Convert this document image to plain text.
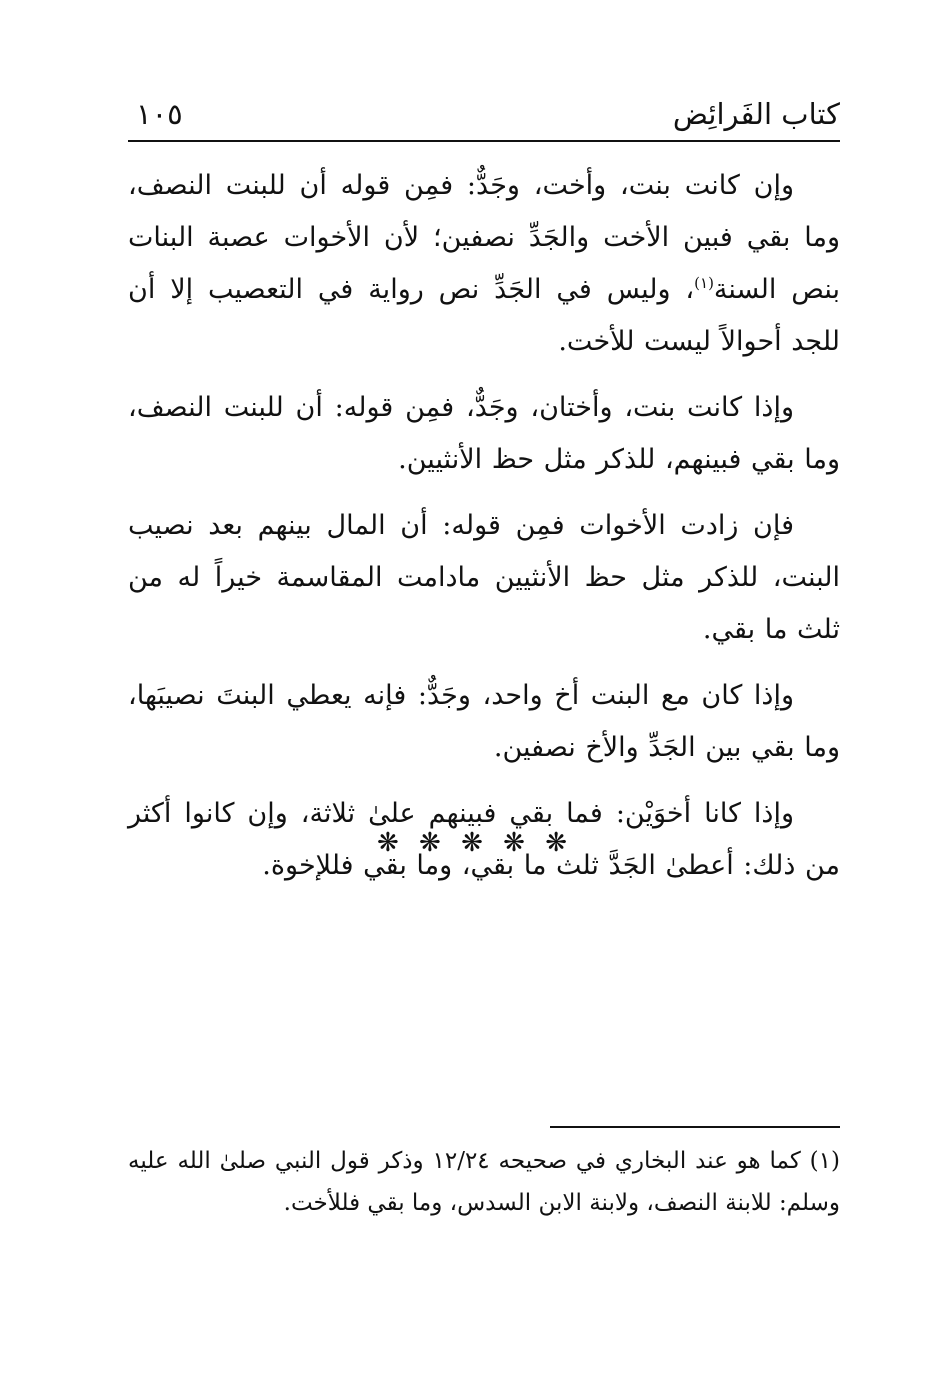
كتاب الفَرائِض
١٠٥

وإن كانت بنت، وأخت، وجَدٌّ: فمِن قوله أن للبنت النصف، وما بقي فبين الأخت والجَدِّ نصفين؛ لأن الأخوات عصبة البنات بنص السنة$^{(١)}$، وليس في الجَدِّ نص رواية في التعصيب إلا أن للجد أحوالاً ليست للأخت.

وإذا كانت بنت، وأختان، وجَدٌّ، فمِن قوله: أن للبنت النصف، وما بقي فبينهم، للذكر مثل حظ الأنثيين.

فإن زادت الأخوات فمِن قوله: أن المال بينهم بعد نصيب البنت، للذكر مثل حظ الأنثيين مادامت المقاسمة خيراً له من ثلث ما بقي.

وإذا كان مع البنت أخ واحد، وجَدٌّ: فإنه يعطي البنتَ نصيبَها، وما بقي بين الجَدِّ والأخ نصفين.

وإذا كانا أخوَيْن: فما بقي فبينهم علىٰ ثلاثة، وإن كانوا أكثر من ذلك: أعطىٰ الجَدَّ ثلث ما بقي، وما بقي فللإخوة.

❋ ❋ ❋ ❋ ❋

(١) كما هو عند البخاري في صحيحه ١٢/٢٤ وذكر قول النبي صلىٰ الله عليه وسلم: للابنة النصف، ولابنة الابن السدس، وما بقي فللأخت.
